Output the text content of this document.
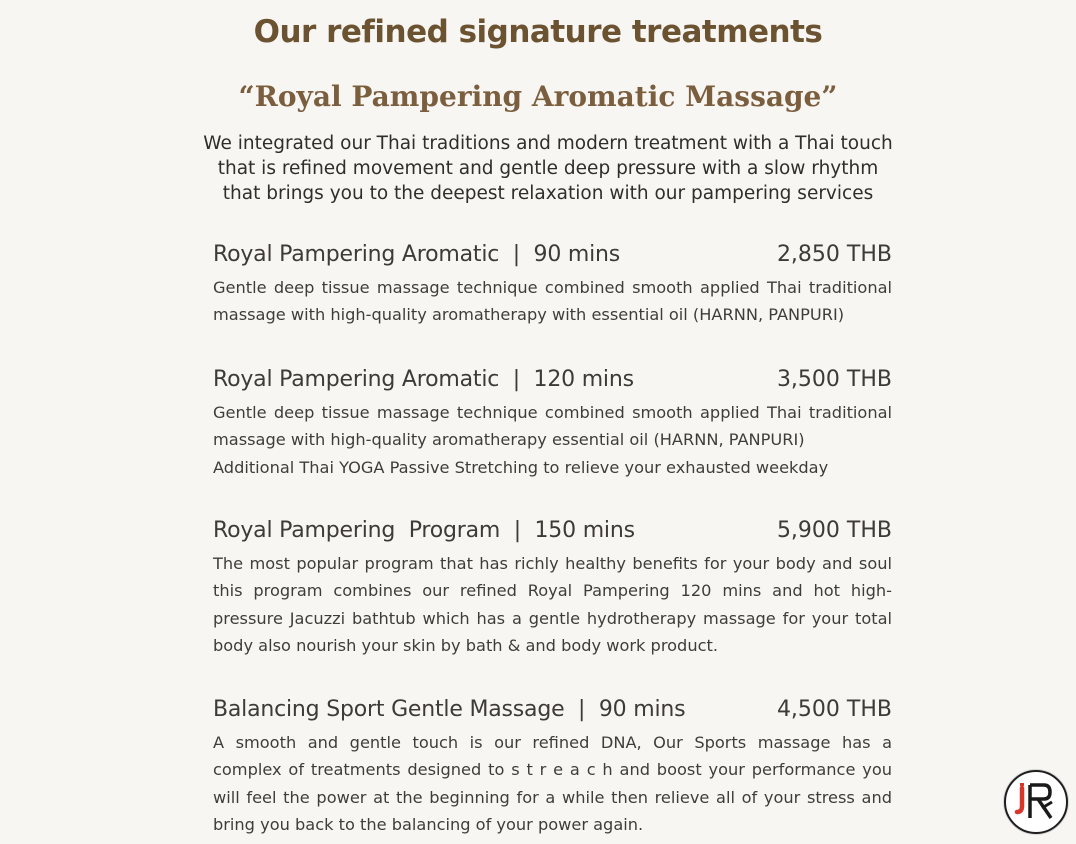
Our refined signature treatments
“Royal Pampering Aromatic Massage”
We integrated our Thai traditions and modern treatment with a Thai touch
that is refined movement and gentle deep pressure with a slow rhythm
that brings you to the deepest relaxation with our pampering services
Royal Pampering Aromatic  |  90 mins	2,850 THB
Gentle deep tissue massage technique combined smooth applied Thai traditional
massage with high-quality aromatherapy with essential oil (HARNN, PANPURI)
Royal Pampering Aromatic  |  120 mins	3,500 THB
Gentle deep tissue massage technique combined smooth applied Thai traditional
massage with high-quality aromatherapy essential oil (HARNN, PANPURI)
Additional Thai YOGA Passive Stretching to relieve your exhausted weekday
Royal Pampering  Program  |  150 mins	5,900 THB
The most popular program that has richly healthy benefits for your body and soul
this program combines our refined Royal Pampering 120 mins and hot high-
pressure Jacuzzi bathtub which has a gentle hydrotherapy massage for your total
body also nourish your skin by bath & and body work product.
Balancing Sport Gentle Massage  |  90 mins	4,500 THB
A smooth and gentle touch is our refined DNA, Our Sports massage has a
complex of treatments designed to s t r e a c h and boost your performance you
will feel the power at the beginning for a while then relieve all of your stress and
bring you back to the balancing of your power again.
